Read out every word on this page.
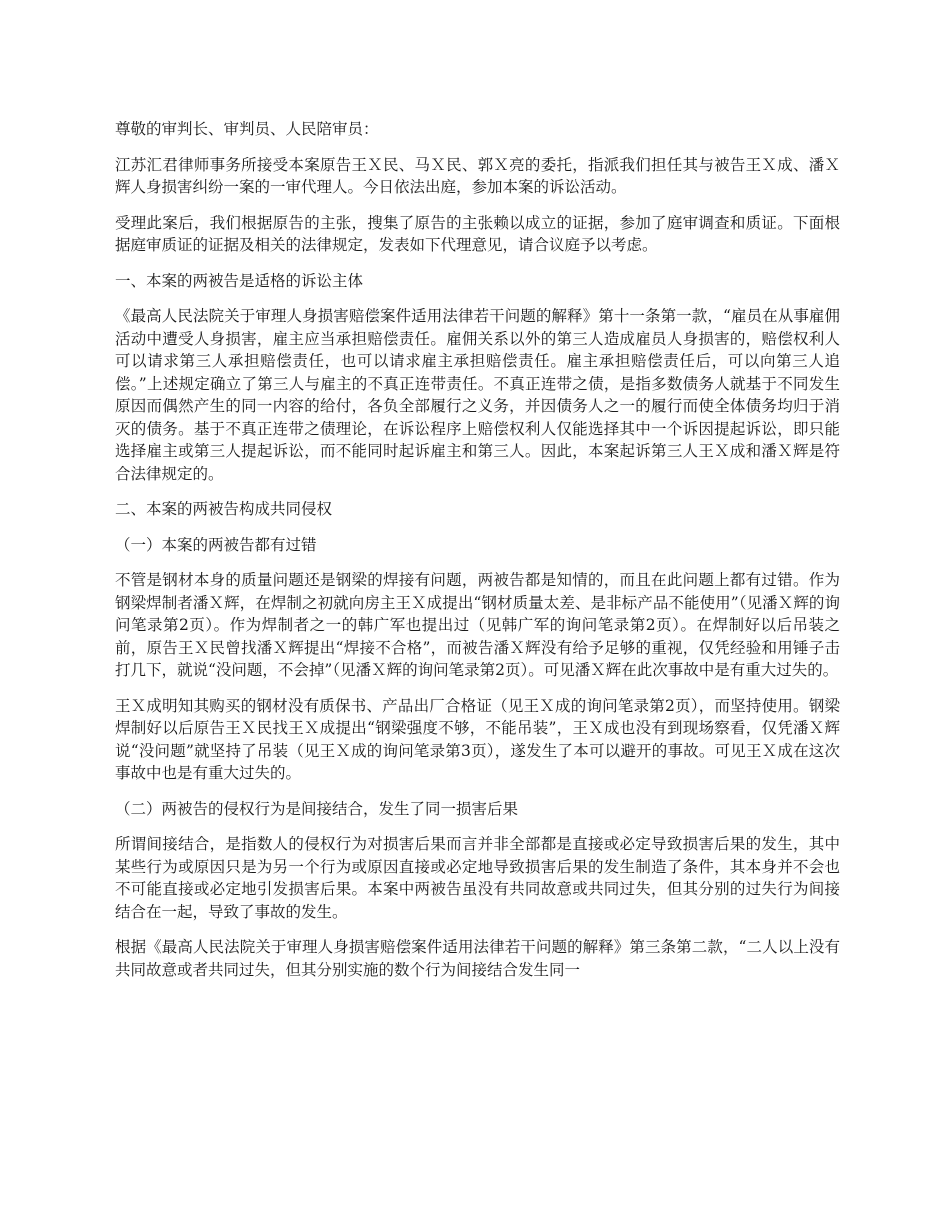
尊敬的审判长、审判员、人民陪审员：

江苏汇君律师事务所接受本案原告王Ｘ民、马Ｘ民、郭Ｘ亮的委托，指派我们担任其与被告王Ｘ成、潘Ｘ辉人身损害纠纷一案的一审代理人。今日依法出庭，参加本案的诉讼活动。

受理此案后，我们根据原告的主张，搜集了原告的主张赖以成立的证据，参加了庭审调查和质证。下面根据庭审质证的证据及相关的法律规定，发表如下代理意见，请合议庭予以考虑。

一、本案的两被告是适格的诉讼主体

《最高人民法院关于审理人身损害赔偿案件适用法律若干问题的解释》第十一条第一款，“雇员在从事雇佣活动中遭受人身损害，雇主应当承担赔偿责任。雇佣关系以外的第三人造成雇员人身损害的，赔偿权利人可以请求第三人承担赔偿责任，也可以请求雇主承担赔偿责任。雇主承担赔偿责任后，可以向第三人追偿。”上述规定确立了第三人与雇主的不真正连带责任。不真正连带之债，是指多数债务人就基于不同发生原因而偶然产生的同一内容的给付，各负全部履行之义务，并因债务人之一的履行而使全体债务均归于消灭的债务。基于不真正连带之债理论，在诉讼程序上赔偿权利人仅能选择其中一个诉因提起诉讼，即只能选择雇主或第三人提起诉讼，而不能同时起诉雇主和第三人。因此，本案起诉第三人王Ｘ成和潘Ｘ辉是符合法律规定的。

二、本案的两被告构成共同侵权

（一）本案的两被告都有过错

不管是钢材本身的质量问题还是钢梁的焊接有问题，两被告都是知情的，而且在此问题上都有过错。作为钢梁焊制者潘Ｘ辉，在焊制之初就向房主王Ｘ成提出“钢材质量太差、是非标产品不能使用”（见潘Ｘ辉的询问笔录第2页）。作为焊制者之一的韩广军也提出过（见韩广军的询问笔录第2页）。在焊制好以后吊装之前，原告王Ｘ民曾找潘Ｘ辉提出“焊接不合格”，而被告潘Ｘ辉没有给予足够的重视，仅凭经验和用锤子击打几下，就说“没问题，不会掉”（见潘Ｘ辉的询问笔录第2页）。可见潘Ｘ辉在此次事故中是有重大过失的。

王Ｘ成明知其购买的钢材没有质保书、产品出厂合格证（见王Ｘ成的询问笔录第2页），而坚持使用。钢梁焊制好以后原告王Ｘ民找王Ｘ成提出“钢梁强度不够，不能吊装”，王Ｘ成也没有到现场察看，仅凭潘Ｘ辉说“没问题”就坚持了吊装（见王Ｘ成的询问笔录第3页），遂发生了本可以避开的事故。可见王Ｘ成在这次事故中也是有重大过失的。

（二）两被告的侵权行为是间接结合，发生了同一损害后果

所谓间接结合，是指数人的侵权行为对损害后果而言并非全部都是直接或必定导致损害后果的发生，其中某些行为或原因只是为另一个行为或原因直接或必定地导致损害后果的发生制造了条件，其本身并不会也不可能直接或必定地引发损害后果。本案中两被告虽没有共同故意或共同过失，但其分别的过失行为间接结合在一起，导致了事故的发生。

根据《最高人民法院关于审理人身损害赔偿案件适用法律若干问题的解释》第三条第二款，“二人以上没有共同故意或者共同过失，但其分别实施的数个行为间接结合发生同一
